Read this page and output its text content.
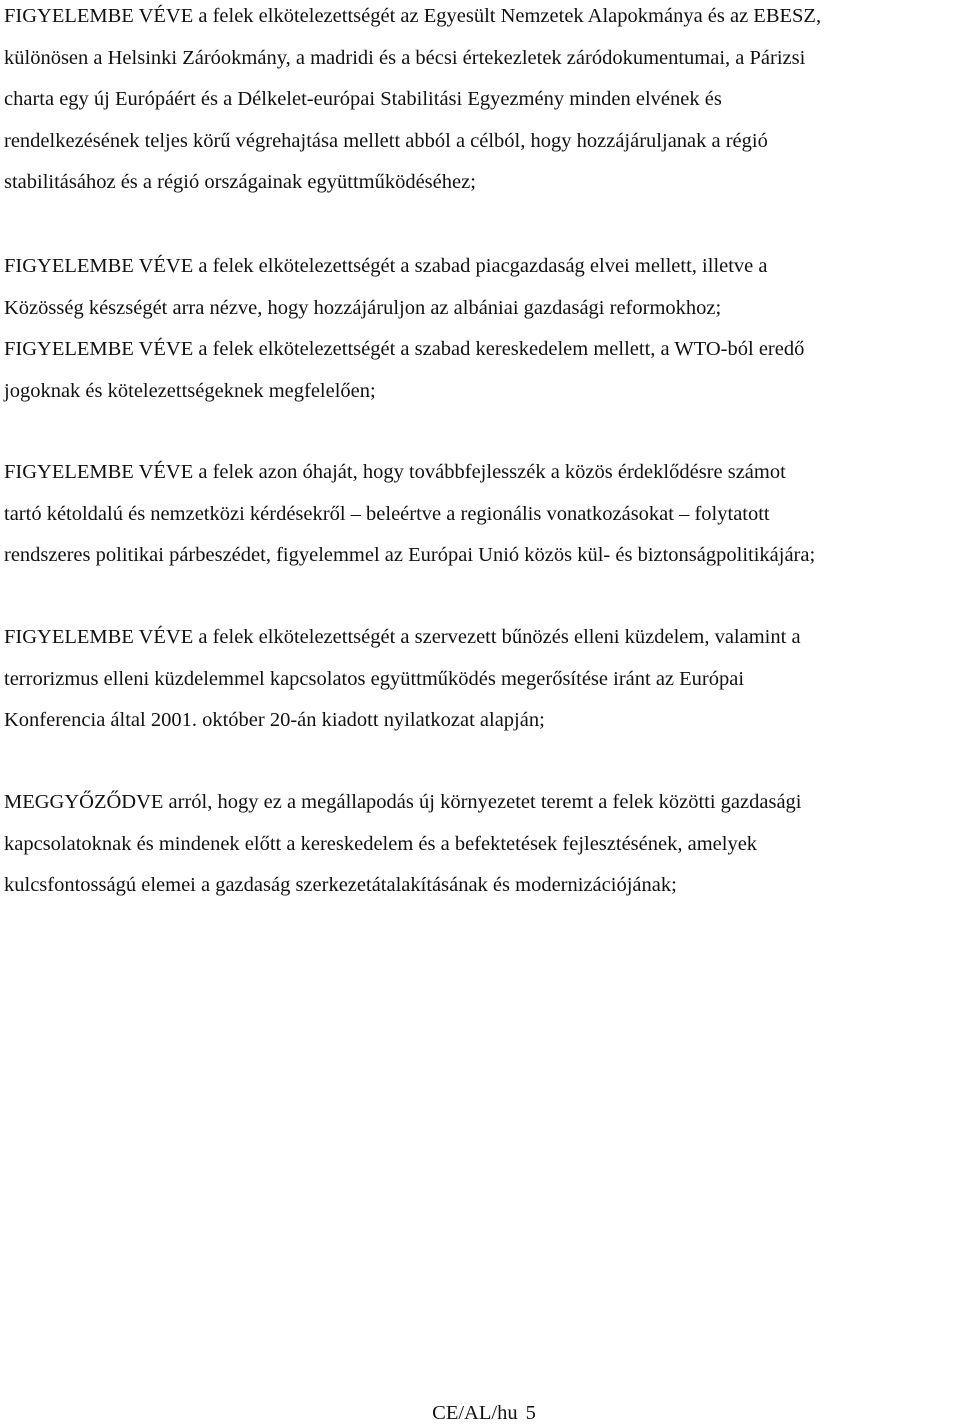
FIGYELEMBE VÉVE a felek elkötelezettségét az Egyesült Nemzetek Alapokmánya és az EBESZ,
különösen a Helsinki Záróokmány, a madridi és a bécsi értekezletek záródokumentumai, a Párizsi
charta egy új Európáért és a Délkelet-európai Stabilitási Egyezmény minden elvének és
rendelkezésének teljes körű végrehajtása mellett abból a célból, hogy hozzájáruljanak a régió
stabilitásához és a régió országainak együttműködéséhez;
FIGYELEMBE VÉVE a felek elkötelezettségét a szabad piacgazdaság elvei mellett, illetve a
Közösség készségét arra nézve, hogy hozzájáruljon az albániai gazdasági reformokhoz;
FIGYELEMBE VÉVE a felek elkötelezettségét a szabad kereskedelem mellett, a WTO-ból eredő
jogoknak és kötelezettségeknek megfelelően;
FIGYELEMBE VÉVE a felek azon óhaját, hogy továbbfejlesszék a közös érdeklődésre számot
tartó kétoldalú és nemzetközi kérdésekről – beleértve a regionális vonatkozásokat – folytatott
rendszeres politikai párbeszédet, figyelemmel az Európai Unió közös kül- és biztonságpolitikájára;
FIGYELEMBE VÉVE a felek elkötelezettségét a szervezett bűnözés elleni küzdelem, valamint a
terrorizmus elleni küzdelemmel kapcsolatos együttműködés megerősítése iránt az Európai
Konferencia által 2001. október 20-án kiadott nyilatkozat alapján;
MEGGYŐZŐDVE arról, hogy ez a megállapodás új környezetet teremt a felek közötti gazdasági
kapcsolatoknak és mindenek előtt a kereskedelem és a befektetések fejlesztésének, amelyek
kulcsfontosságú elemei a gazdaság szerkezetátalakításának és modernizációjának;
CE/AL/hu 5
